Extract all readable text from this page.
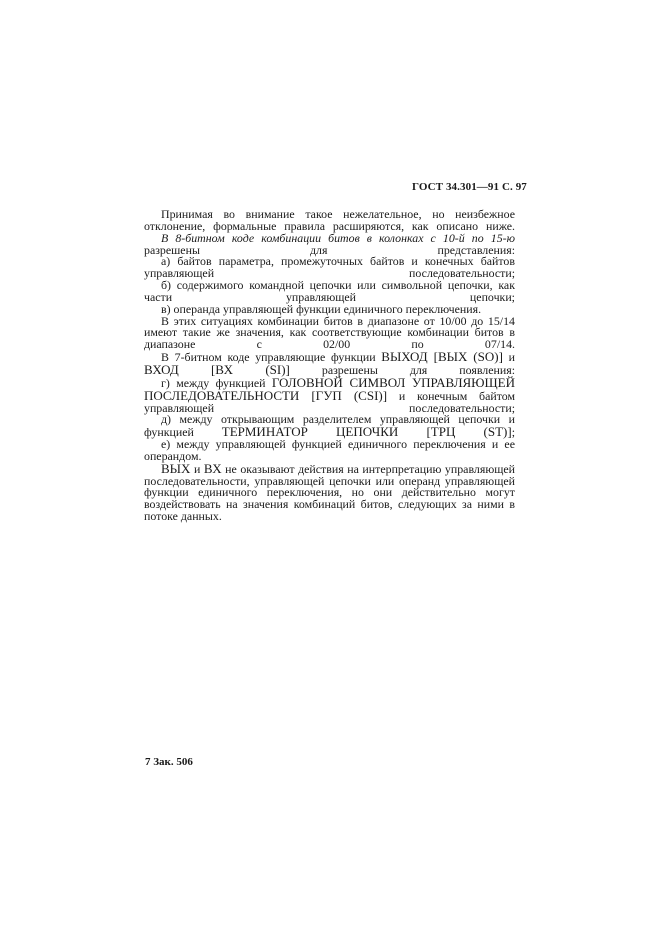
ГОСТ 34.301—91 С. 97

Принимая во внимание такое нежелательное, но неизбежное отклонение, формальные правила расширяются, как описано ниже.

В 8-битном коде комбинации битов в колонках с 10-й по 15-ю разрешены для представления:

а) байтов параметра, промежуточных байтов и конечных байтов управляющей последовательности;

б) содержимого командной цепочки или символьной цепочки, как части управляющей цепочки;

в) операнда управляющей функции единичного переключения.

В этих ситуациях комбинации битов в диапазоне от 10/00 до 15/14 имеют такие же значения, как соответствующие комбинации битов в диапазоне с 02/00 по 07/14.

В 7-битном коде управляющие функции ВЫХОД [ВЫХ (SO)] и ВХОД [ВХ (SI)] разрешены для появления:

г) между функцией ГОЛОВНОЙ СИМВОЛ УПРАВЛЯЮЩЕЙ ПОСЛЕДОВАТЕЛЬНОСТИ [ГУП (CSI)] и конечным байтом управляющей последовательности;

д) между открывающим разделителем управляющей цепочки и функцией ТЕРМИНАТОР ЦЕПОЧКИ [ТРЦ (ST)];

е) между управляющей функцией единичного переключения и ее операндом.

ВЫХ и ВХ не оказывают действия на интерпретацию управляющей последовательности, управляющей цепочки или операнд управляющей функции единичного переключения, но они действительно могут воздействовать на значения комбинаций битов, следующих за ними в потоке данных.

7 Зак. 506
